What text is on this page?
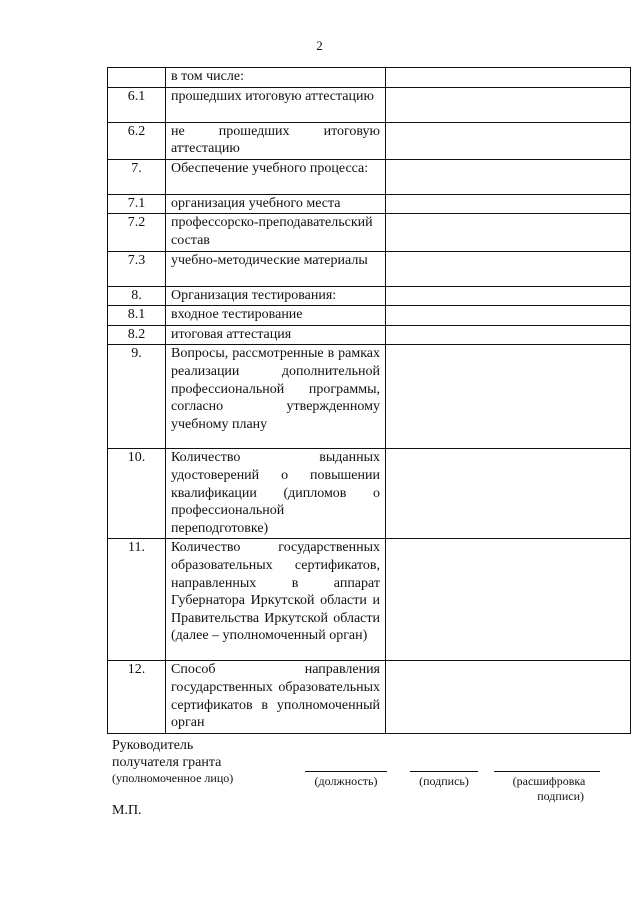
2
	в том числе:	
6.1	прошедших итоговую аттестацию	
6.2	не прошедших итоговую аттестацию	
7.	Обеспечение учебного процесса:	
7.1	организация учебного места	
7.2	профессорско-преподавательский состав	
7.3	учебно-методические материалы	
8.	Организация тестирования:	
8.1	входное тестирование	
8.2	итоговая аттестация	
9.	Вопросы, рассмотренные в рамках реализации дополнительной профессиональной программы, согласно утвержденному учебному плану	
10.	Количество выданных удостоверений о повышении квалификации (дипломов о профессиональной переподготовке)	
11.	Количество государственных образовательных сертификатов, направленных в аппарат Губернатора Иркутской области и Правительства Иркутской области (далее – уполномоченный орган)	
12.	Способ направления государственных образовательных сертификатов в уполномоченный орган	
Руководитель
получателя гранта
(уполномоченное лицо)	(должность)	(подпись)	(расшифровка
подписи)
М.П.
